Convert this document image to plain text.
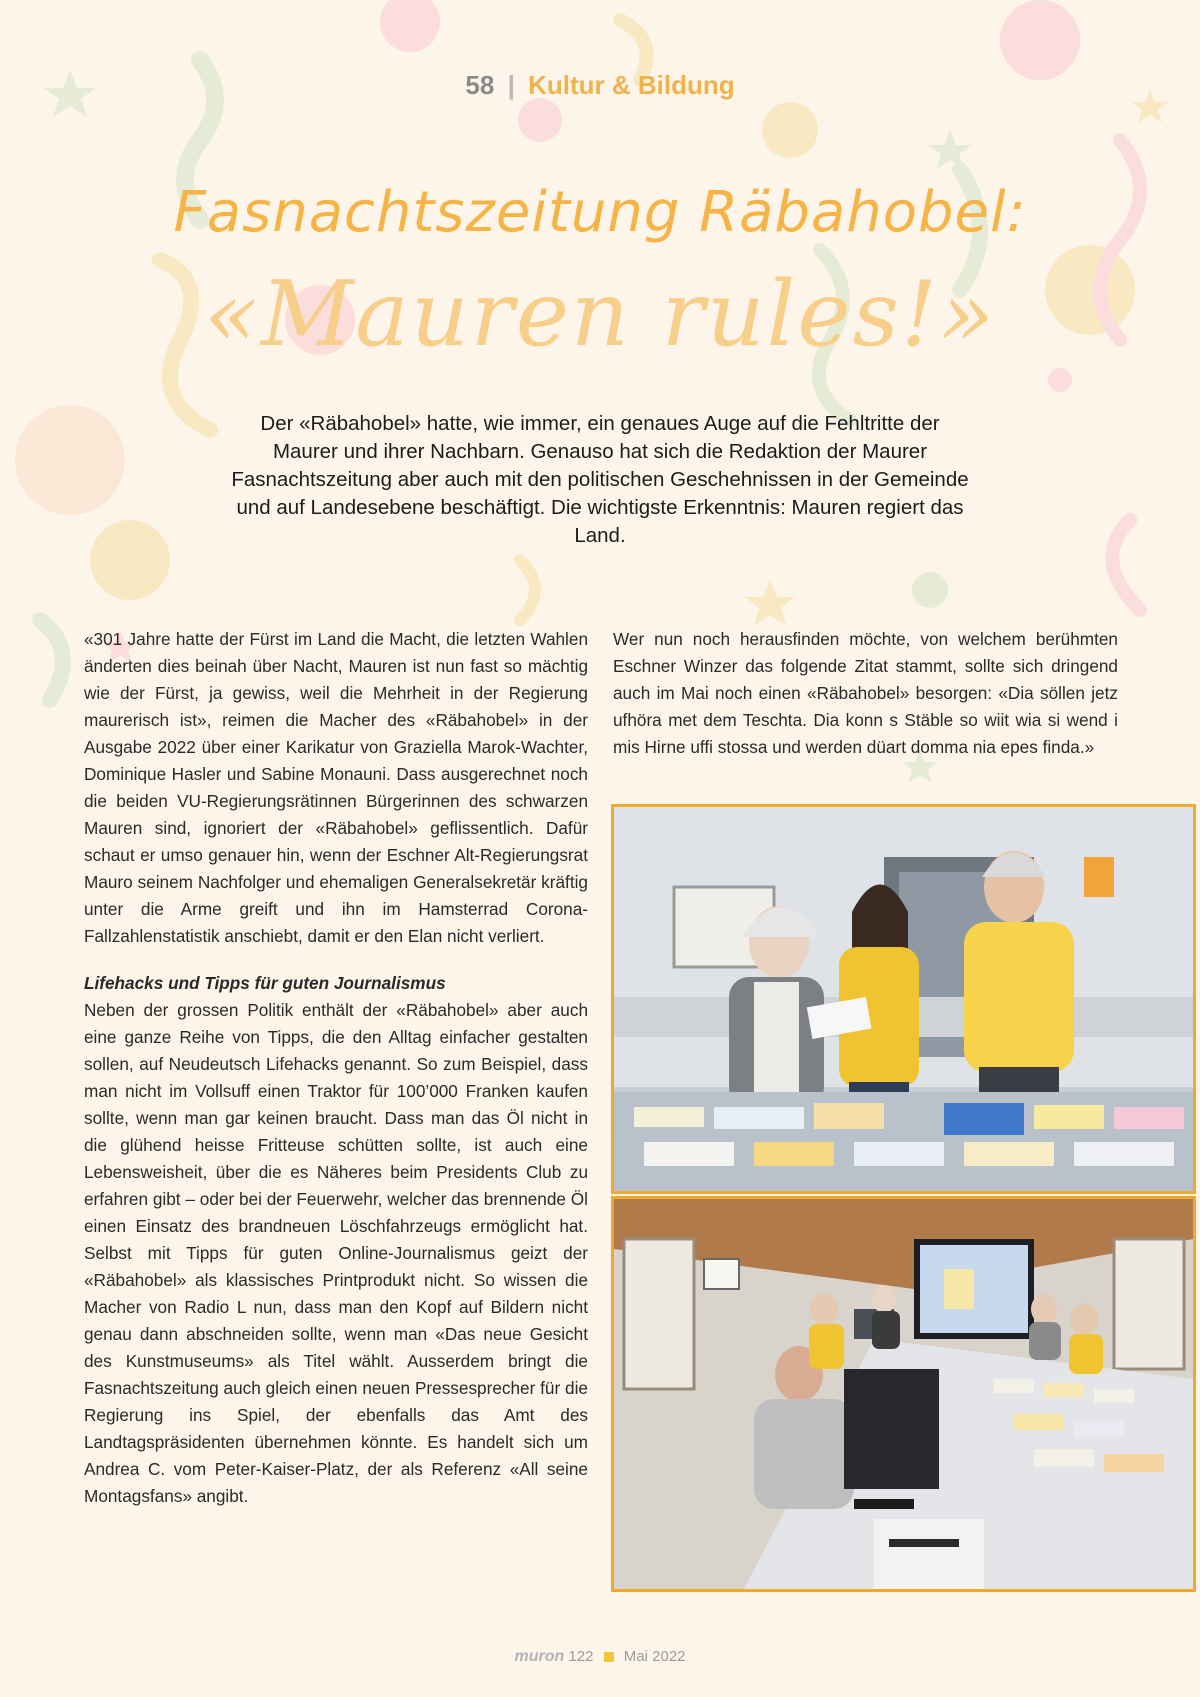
58 | Kultur & Bildung
Fasnachtszeitung Räbahobel:
«Mauren rules!»
Der «Räbahobel» hatte, wie immer, ein genaues Auge auf die Fehltritte der Maurer und ihrer Nachbarn. Genauso hat sich die Redaktion der Maurer Fasnachtszeitung aber auch mit den politischen Geschehnissen in der Gemeinde und auf Landesebene beschäftigt. Die wichtigste Erkenntnis: Mauren regiert das Land.

«301 Jahre hatte der Fürst im Land die Macht, die letzten Wahlen änderten dies beinah über Nacht, Mauren ist nun fast so mächtig wie der Fürst, ja gewiss, weil die Mehrheit in der Regierung maurerisch ist», reimen die Macher des «Räbahobel» in der Ausgabe 2022 über einer Karikatur von Graziella Marok-Wachter, Dominique Hasler und Sabine Monauni. Dass ausgerechnet noch die beiden VU-Regierungsrätinnen Bürgerinnen des schwarzen Mauren sind, ignoriert der «Räbahobel» geflissentlich. Dafür schaut er umso genauer hin, wenn der Eschner Alt-Regierungsrat Mauro seinem Nachfolger und ehemaligen Generalsekretär kräftig unter die Arme greift und ihn im Hamsterrad Corona-Fallzahlenstatistik anschiebt, damit er den Elan nicht verliert.

Lifehacks und Tipps für guten Journalismus

Neben der grossen Politik enthält der «Räbahobel» aber auch eine ganze Reihe von Tipps, die den Alltag einfacher gestalten sollen, auf Neudeutsch Lifehacks genannt. So zum Beispiel, dass man nicht im Vollsuff einen Traktor für 100’000 Franken kaufen sollte, wenn man gar keinen braucht. Dass man das Öl nicht in die glühend heisse Fritteuse schütten sollte, ist auch eine Lebensweisheit, über die es Näheres beim Presidents Club zu erfahren gibt – oder bei der Feuerwehr, welcher das brennende Öl einen Einsatz des brandneuen Löschfahrzeugs ermöglicht hat. Selbst mit Tipps für guten Online-Journalismus geizt der «Räbahobel» als klassisches Printprodukt nicht. So wissen die Macher von Radio L nun, dass man den Kopf auf Bildern nicht genau dann abschneiden sollte, wenn man «Das neue Gesicht des Kunstmuseums» als Titel wählt. Ausserdem bringt die Fasnachtszeitung auch gleich einen neuen Pressesprecher für die Regierung ins Spiel, der ebenfalls das Amt des Landtagspräsidenten übernehmen könnte. Es handelt sich um Andrea C. vom Peter-Kaiser-Platz, der als Referenz «All seine Montagsfans» angibt.

Wer nun noch herausfinden möchte, von welchem berühmten Eschner Winzer das folgende Zitat stammt, sollte sich dringend auch im Mai noch einen «Räbahobel» besorgen: «Dia söllen jetz ufhöra met dem Teschta. Dia konn s Stäble so wiit wia si wend i mis Hirne uffi stossa und werden düart domma nia epes finda.»

muron 122 Mai 2022
